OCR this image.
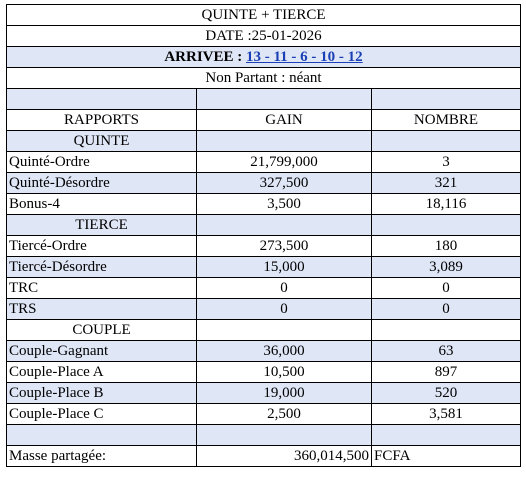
QUINTE + TIERCE		
DATE :25-01-2026		
ARRIVEE : 13 - 11 - 6 - 10 - 12		
Non Partant : néant		

RAPPORTS	GAIN	NOMBRE
QUINTE		
Quinté-Ordre	21,799,000	3
Quinté-Désordre	327,500	321
Bonus-4	3,500	18,116
TIERCE		
Tiercé-Ordre	273,500	180
Tiercé-Désordre	15,000	3,089
TRC	0	0
TRS	0	0
COUPLE		
Couple-Gagnant	36,000	63
Couple-Place A	10,500	897
Couple-Place B	19,000	520
Couple-Place C	2,500	3,581

Masse partagée:	360,014,500	FCFA
